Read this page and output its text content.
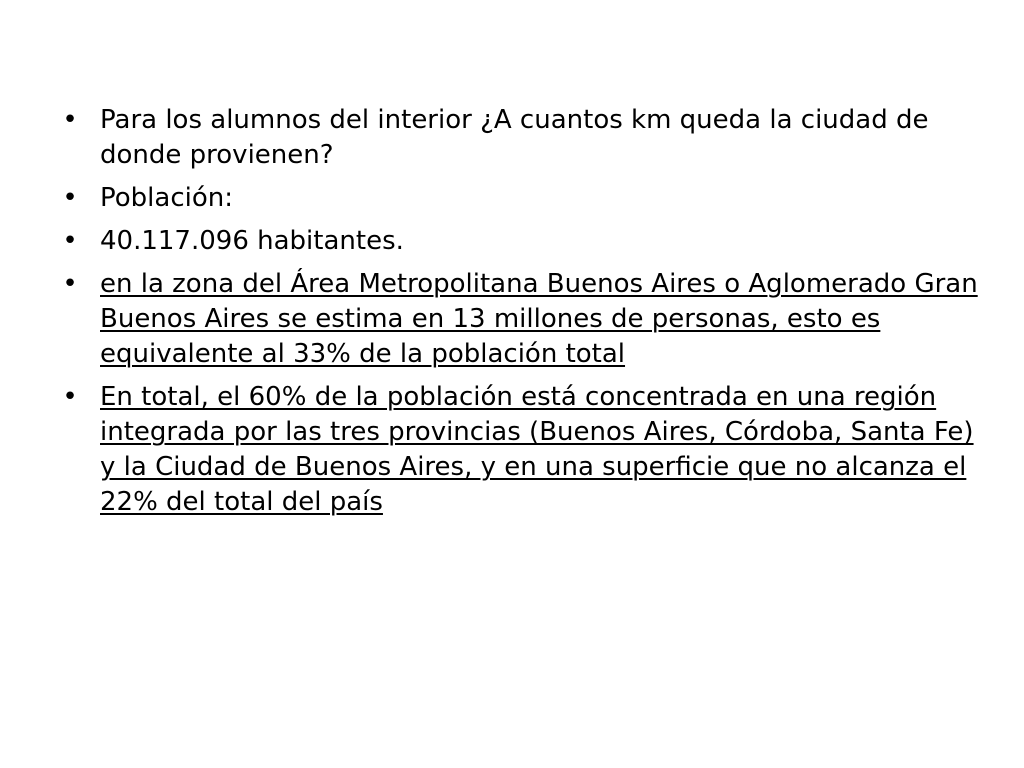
• Para los alumnos del interior ¿A cuantos km queda la ciudad de donde provienen?
• Población:
• 40.117.096 habitantes.
• en la zona del Área Metropolitana Buenos Aires o Aglomerado Gran Buenos Aires se estima en 13 millones de personas, esto es equivalente al 33% de la población total
• En total, el 60% de la población está concentrada en una región integrada por las tres provincias (Buenos Aires, Córdoba, Santa Fe) y la Ciudad de Buenos Aires, y en una superficie que no alcanza el 22% del total del país
